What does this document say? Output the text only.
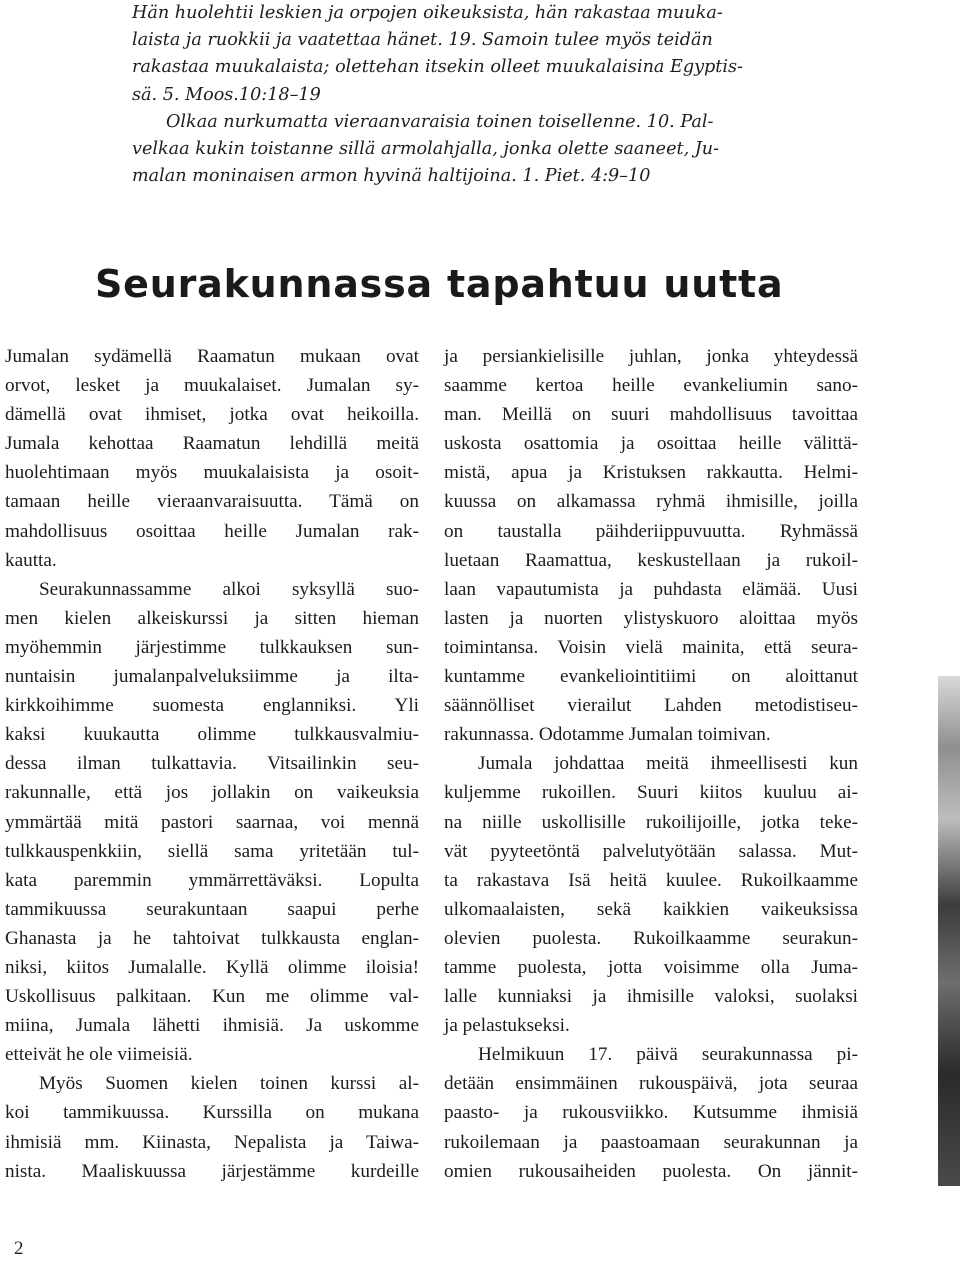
Hän huolehtii leskien ja orpojen oikeuksista, hän rakastaa muuka-
laista ja ruokkii ja vaatettaa hänet. 19. Samoin tulee myös teidän
rakastaa muukalaista; olettehan itsekin olleet muukalaisina Egyptis-
sä. 5. Moos.10:18–19

Olkaa nurkumatta vieraanvaraisia toinen toisellenne. 10. Pal-
velkaa kukin toistanne sillä armolahjalla, jonka olette saaneet, Ju-
malan moninaisen armon hyvinä haltijoina. 1. Piet. 4:9–10

Seurakunnassa tapahtuu uutta

Jumalan sydämellä Raamatun mukaan ovat
orvot, lesket ja muukalaiset. Jumalan sy-
dämellä ovat ihmiset, jotka ovat heikoilla.
Jumala kehottaa Raamatun lehdillä meitä
huolehtimaan myös muukalaisista ja osoit-
tamaan heille vieraanvaraisuutta. Tämä on
mahdollisuus osoittaa heille Jumalan rak-
kautta.

Seurakunnassamme alkoi syksyllä suo-
men kielen alkeiskurssi ja sitten hieman
myöhemmin järjestimme tulkkauksen sun-
nuntaisin jumalanpalveluksiimme ja ilta-
kirkkoihimme suomesta englanniksi. Yli
kaksi kuukautta olimme tulkkausvalmiu-
dessa ilman tulkattavia. Vitsailinkin seu-
rakunnalle, että jos jollakin on vaikeuksia
ymmärtää mitä pastori saarnaa, voi mennä
tulkkauspenkkiin, siellä sama yritetään tul-
kata paremmin ymmärrettäväksi. Lopulta
tammikuussa seurakuntaan saapui perhe
Ghanasta ja he tahtoivat tulkkausta englan-
niksi, kiitos Jumalalle. Kyllä olimme iloisia!
Uskollisuus palkitaan. Kun me olimme val-
miina, Jumala lähetti ihmisiä. Ja uskomme
etteivät he ole viimeisiä.

Myös Suomen kielen toinen kurssi al-
koi tammikuussa. Kurssilla on mukana
ihmisiä mm. Kiinasta, Nepalista ja Taiwa-
nista. Maaliskuussa järjestämme kurdeille

ja persiankielisille juhlan, jonka yhteydessä
saamme kertoa heille evankeliumin sano-
man. Meillä on suuri mahdollisuus tavoittaa
uskosta osattomia ja osoittaa heille välittä-
mistä, apua ja Kristuksen rakkautta. Helmi-
kuussa on alkamassa ryhmä ihmisille, joilla
on taustalla päihderiippuvuutta. Ryhmässä
luetaan Raamattua, keskustellaan ja rukoil-
laan vapautumista ja puhdasta elämää. Uusi
lasten ja nuorten ylistyskuoro aloittaa myös
toimintansa. Voisin vielä mainita, että seura-
kuntamme evankeliointitiimi on aloittanut
säännölliset vierailut Lahden metodistiseu-
rakunnassa. Odotamme Jumalan toimivan.

Jumala johdattaa meitä ihmeellisesti kun
kuljemme rukoillen. Suuri kiitos kuuluu ai-
na niille uskollisille rukoilijoille, jotka teke-
vät pyyteetöntä palvelutyötään salassa. Mut-
ta rakastava Isä heitä kuulee. Rukoilkaamme
ulkomaalaisten, sekä kaikkien vaikeuksissa
olevien puolesta. Rukoilkaamme seurakun-
tamme puolesta, jotta voisimme olla Juma-
lalle kunniaksi ja ihmisille valoksi, suolaksi
ja pelastukseksi.

Helmikuun 17. päivä seurakunnassa pi-
detään ensimmäinen rukouspäivä, jota seuraa
paasto- ja rukousviikko. Kutsumme ihmisiä
rukoilemaan ja paastoamaan seurakunnan ja
omien rukousaiheiden puolesta. On jännit-

2
